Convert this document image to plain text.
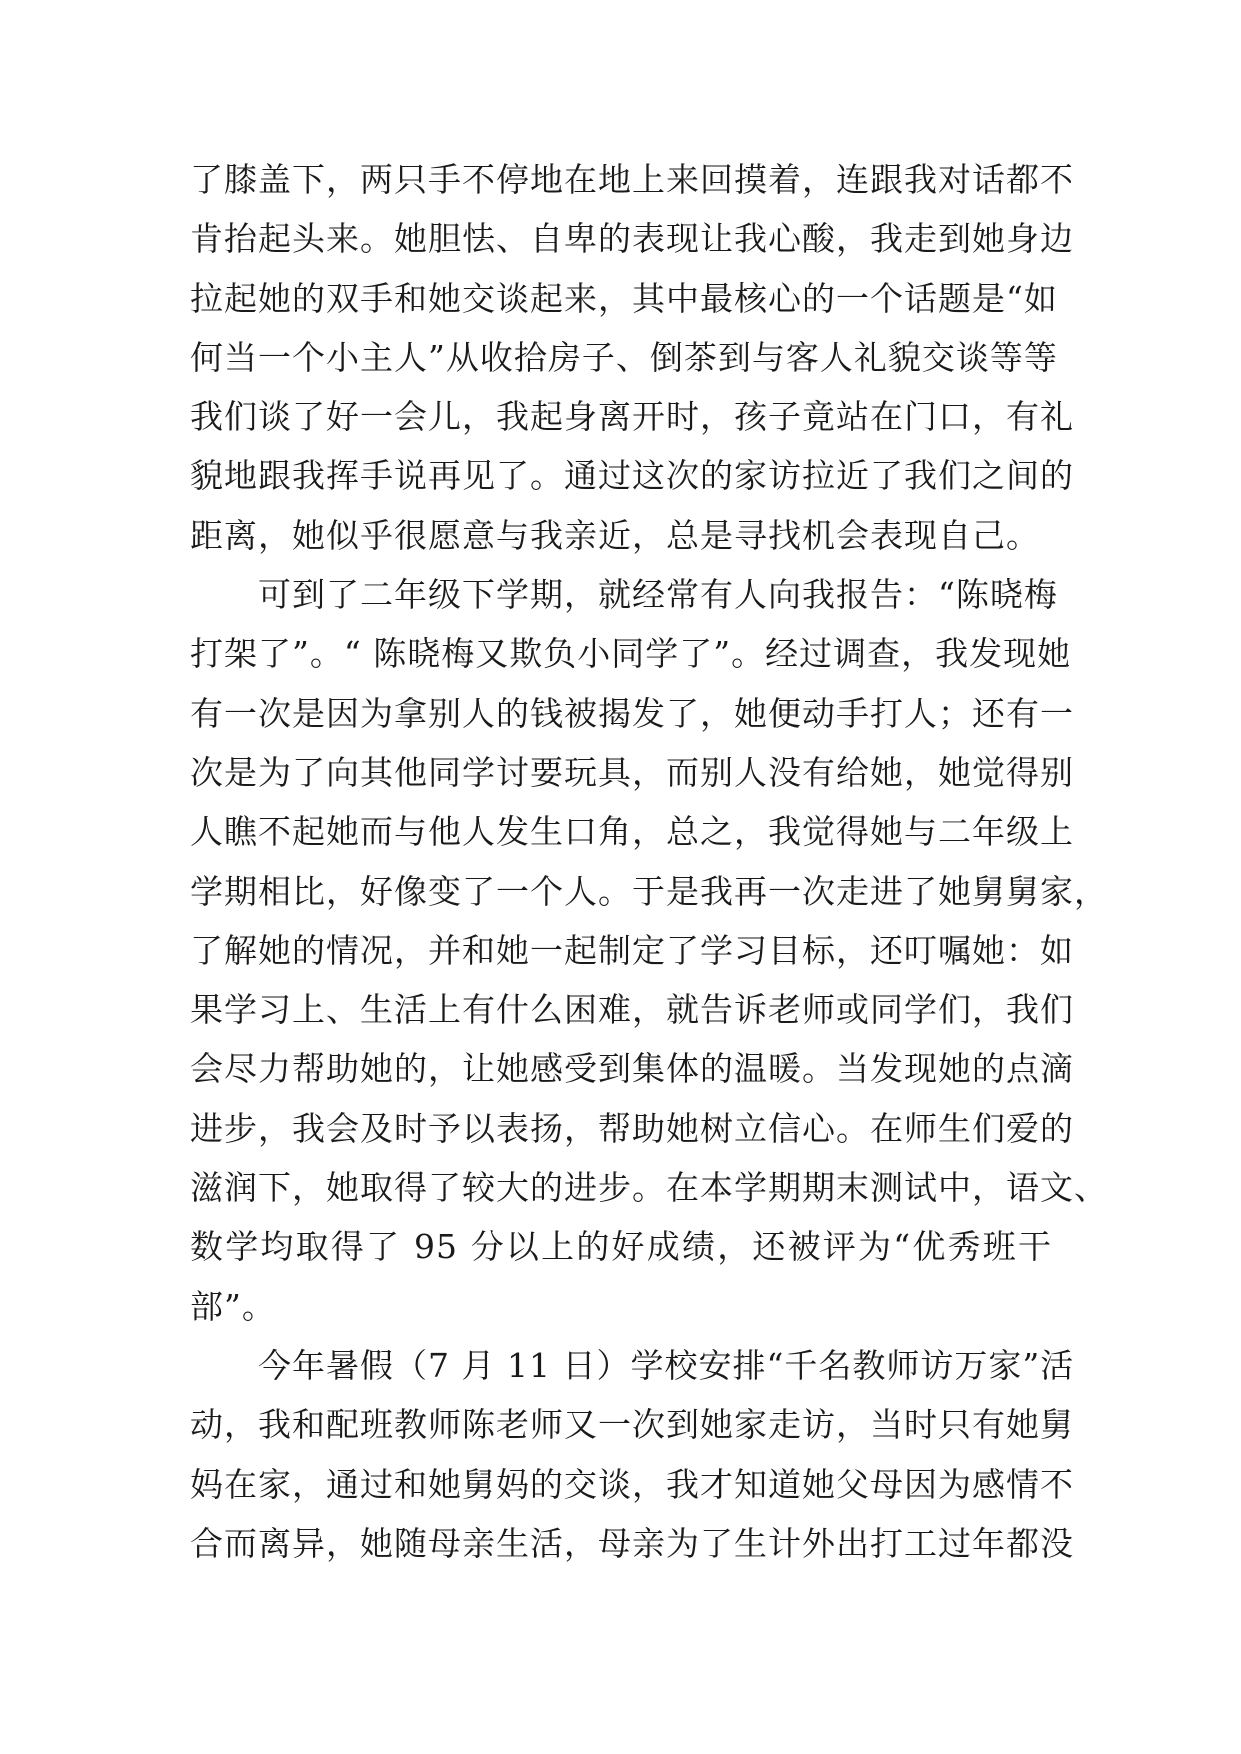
了膝盖下，两只手不停地在地上来回摸着，连跟我对话都不
肯抬起头来。她胆怯、自卑的表现让我心酸，我走到她身边
拉起她的双手和她交谈起来，其中最核心的一个话题是“如
何当一个小主人”从收拾房子、倒茶到与客人礼貌交谈等等
我们谈了好一会儿，我起身离开时，孩子竟站在门口，有礼
貌地跟我挥手说再见了。通过这次的家访拉近了我们之间的
距离，她似乎很愿意与我亲近，总是寻找机会表现自己。
可到了二年级下学期，就经常有人向我报告：“陈晓梅
打架了”。“ 陈晓梅又欺负小同学了”。经过调查，我发现她
有一次是因为拿别人的钱被揭发了，她便动手打人；还有一
次是为了向其他同学讨要玩具，而别人没有给她，她觉得别
人瞧不起她而与他人发生口角，总之，我觉得她与二年级上
学期相比，好像变了一个人。于是我再一次走进了她舅舅家，
了解她的情况，并和她一起制定了学习目标，还叮嘱她：如
果学习上、生活上有什么困难，就告诉老师或同学们，我们
会尽力帮助她的，让她感受到集体的温暖。当发现她的点滴
进步，我会及时予以表扬，帮助她树立信心。在师生们爱的
滋润下，她取得了较大的进步。在本学期期末测试中，语文、
数学均取得了 95 分以上的好成绩，还被评为“优秀班干
部”。
今年暑假（7 月 11 日）学校安排“千名教师访万家”活
动，我和配班教师陈老师又一次到她家走访，当时只有她舅
妈在家，通过和她舅妈的交谈，我才知道她父母因为感情不
合而离异，她随母亲生活，母亲为了生计外出打工过年都没
